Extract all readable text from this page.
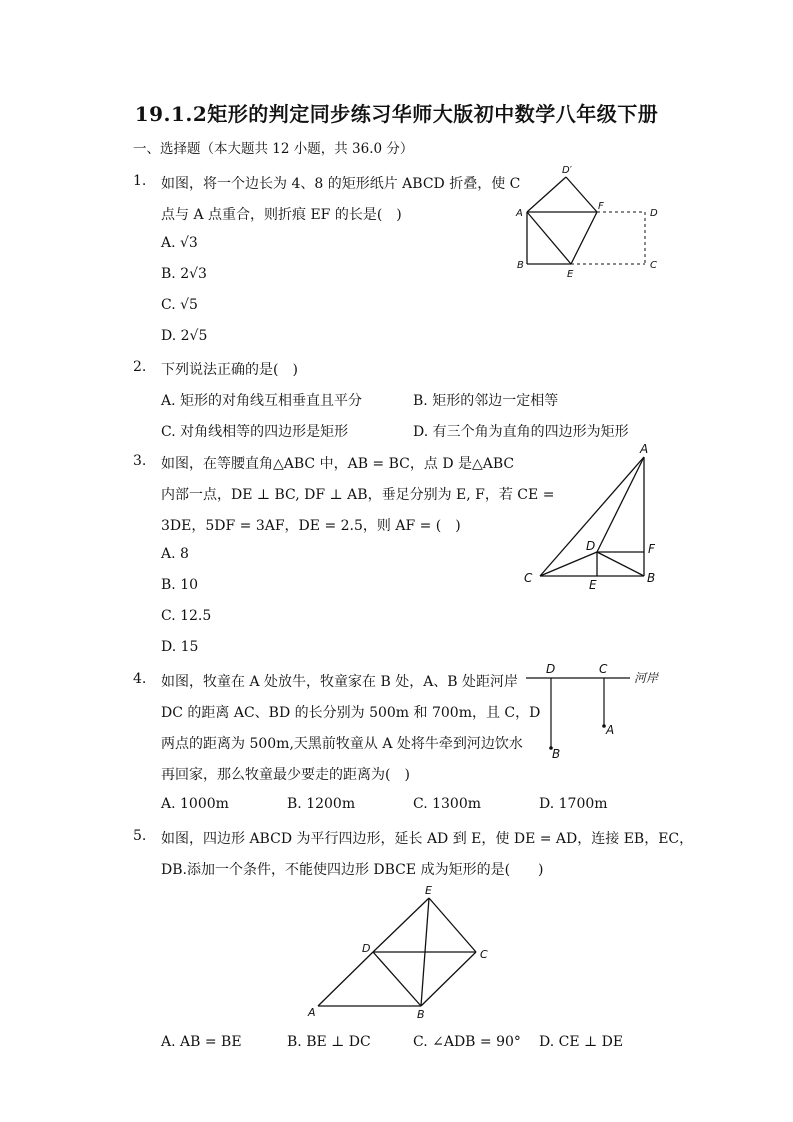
19.1.2矩形的判定同步练习华师大版初中数学八年级下册
一、选择题（本大题共 12 小题，共 36.0 分）
1. 如图，将一个边长为 4、8 的矩形纸片 ABCD 折叠，使 C
点与 A 点重合，则折痕 EF 的长是(　)
A. √3
B. 2√3
C. √5
D. 2√5
A
B	C
D
D′
E
F
2. 下列说法正确的是(　)
A. 矩形的对角线互相垂直且平分	B. 矩形的邻边一定相等
C. 对角线相等的四边形是矩形	D. 有三个角为直角的四边形为矩形
3. 如图，在等腰直角△ABC 中，AB = BC，点 D 是△ABC
内部一点，DE ⊥ BC, DF ⊥ AB，垂足分别为 E, F，若 CE =
3DE，5DF = 3AF，DE = 2.5，则 AF = (　)
A. 8
B. 10
C. 12.5
D. 15
A
B
C
D
E
F
4. 如图，牧童在 A 处放牛，牧童家在 B 处，A、B 处距河岸
DC 的距离 AC、BD 的长分别为 500m 和 700m，且 C，D
两点的距离为 500m,天黑前牧童从 A 处将牛牵到河边饮水
再回家，那么牧童最少要走的距离为(　)
A. 1000m	B. 1200m	C. 1300m	D. 1700m
D	C
A
B
河岸
5. 如图，四边形 ABCD 为平行四边形，延长 AD 到 E，使 DE = AD，连接 EB，EC，
DB.添加一个条件，不能使四边形 DBCE 成为矩形的是(　　)
E
D	C
B
A
A. AB = BE	B. BE ⊥ DC	C. ∠ADB = 90° D. CE ⊥ DE
